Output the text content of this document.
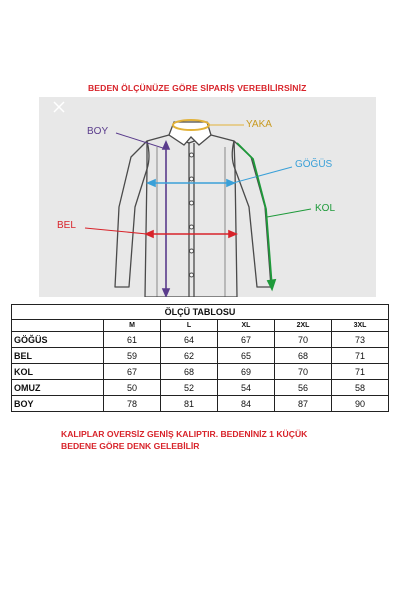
BEDEN ÖLÇÜNÜZE GÖRE SİPARİŞ VEREBİLİRSİNİZ
BOY
YAKA
GÖĞÜS
KOL
BEL
ÖLÇÜ TABLOSU					
	M	L	XL	2XL	3XL
GÖĞÜS	61	64	67	70	73
BEL	59	62	65	68	71
KOL	67	68	69	70	71
OMUZ	50	52	54	56	58
BOY	78	81	84	87	90
KALIPLAR OVERSİZ GENİŞ KALIPTIR. BEDENİNİZ 1 KÜÇÜK
BEDENE GÖRE DENK GELEBİLİR
